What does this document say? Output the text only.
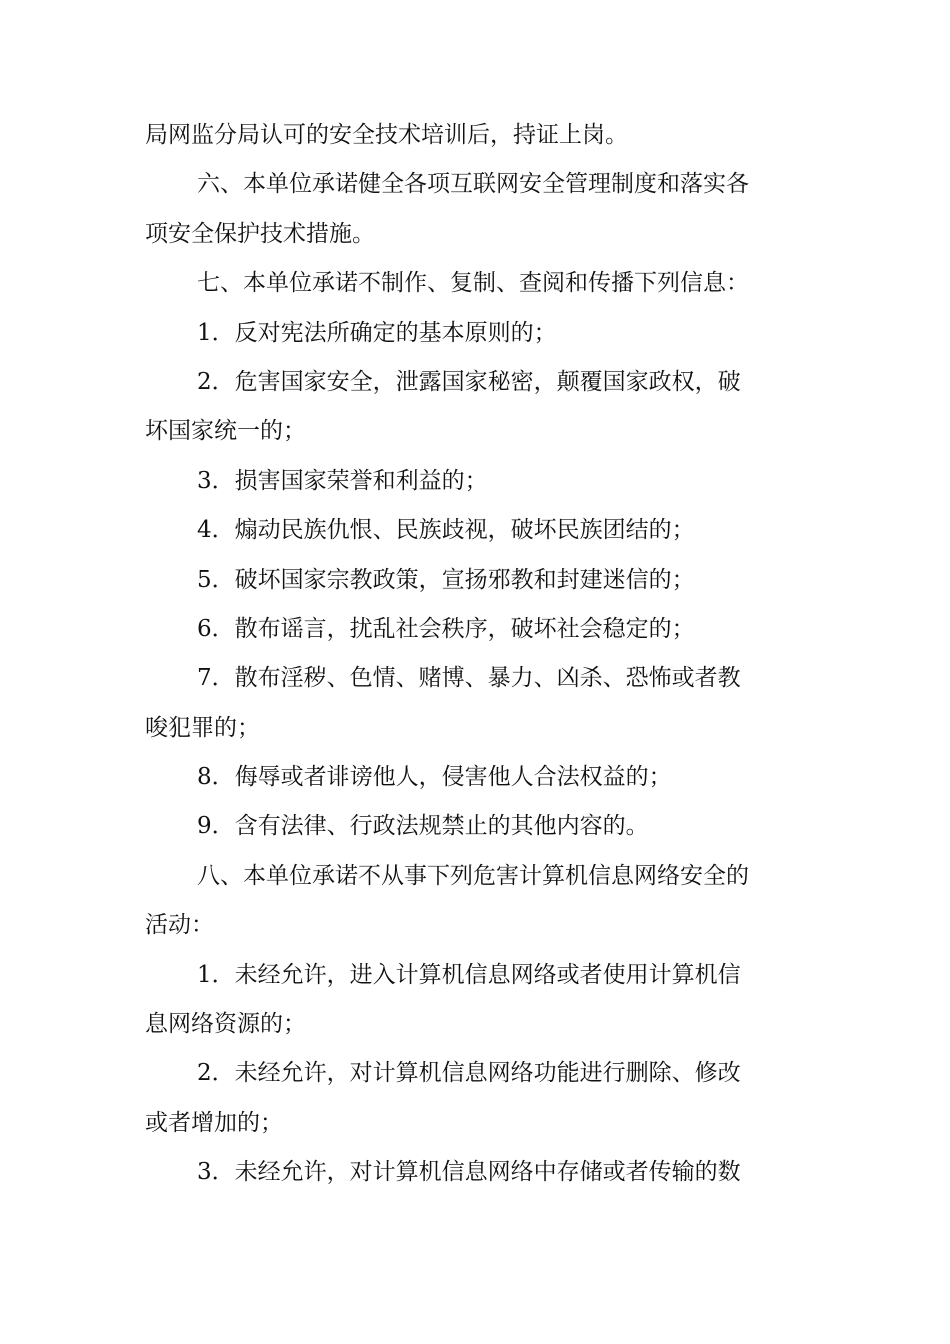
局网监分局认可的安全技术培训后，持证上岗。
六、本单位承诺健全各项互联网安全管理制度和落实各
项安全保护技术措施。
七、本单位承诺不制作、复制、查阅和传播下列信息：
1．反对宪法所确定的基本原则的；
2．危害国家安全，泄露国家秘密，颠覆国家政权，破
坏国家统一的；
3．损害国家荣誉和利益的；
4．煽动民族仇恨、民族歧视，破坏民族团结的；
5．破坏国家宗教政策，宣扬邪教和封建迷信的；
6．散布谣言，扰乱社会秩序，破坏社会稳定的；
7．散布淫秽、色情、赌博、暴力、凶杀、恐怖或者教
唆犯罪的；
8．侮辱或者诽谤他人，侵害他人合法权益的；
9．含有法律、行政法规禁止的其他内容的。
八、本单位承诺不从事下列危害计算机信息网络安全的
活动：
1．未经允许，进入计算机信息网络或者使用计算机信
息网络资源的；
2．未经允许，对计算机信息网络功能进行删除、修改
或者增加的；
3．未经允许，对计算机信息网络中存储或者传输的数
